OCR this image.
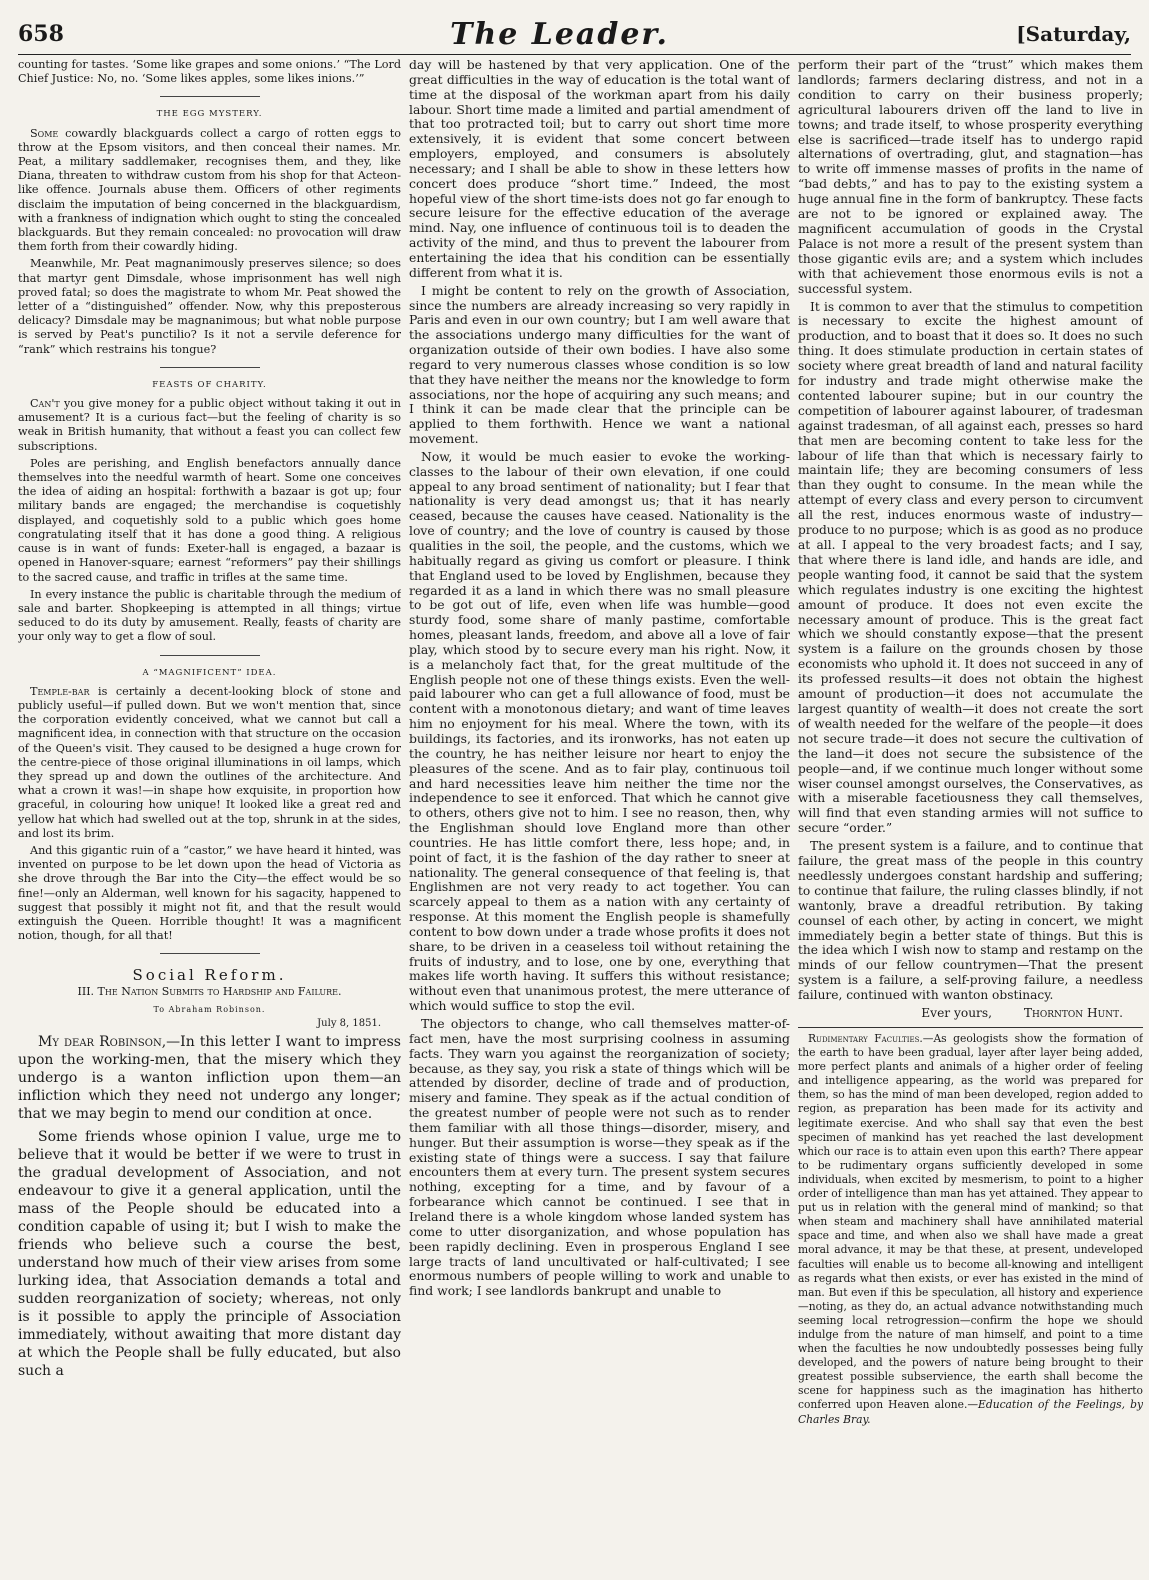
658	The Leader.	[Saturday,

counting for tastes. ‘Some like grapes and some onions.’ “The Lord Chief Justice: No, no. ‘Some likes apples, some likes inions.’”

THE EGG MYSTERY.

Some cowardly blackguards collect a cargo of rotten eggs to throw at the Epsom visitors, and then conceal their names. Mr. Peat, a military saddlemaker, recognises them, and they, like Diana, threaten to withdraw custom from his shop for that Acteon-like offence. Journals abuse them. Officers of other regiments disclaim the imputation of being concerned in the blackguardism, with a frankness of indignation which ought to sting the concealed blackguards. But they remain concealed: no provocation will draw them forth from their cowardly hiding.

Meanwhile, Mr. Peat magnanimously preserves silence; so does that martyr gent Dimsdale, whose imprisonment has well nigh proved fatal; so does the magistrate to whom Mr. Peat showed the letter of a “distinguished” offender. Now, why this preposterous delicacy? Dimsdale may be magnanimous; but what noble purpose is served by Peat's punctilio? Is it not a servile deference for “rank” which restrains his tongue?

FEASTS OF CHARITY.

Can't you give money for a public object without taking it out in amusement? It is a curious fact—but the feeling of charity is so weak in British humanity, that without a feast you can collect few subscriptions.

Poles are perishing, and English benefactors annually dance themselves into the needful warmth of heart. Some one conceives the idea of aiding an hospital: forthwith a bazaar is got up; four military bands are engaged; the merchandise is coquetishly displayed, and coquetishly sold to a public which goes home congratulating itself that it has done a good thing. A religious cause is in want of funds: Exeter-hall is engaged, a bazaar is opened in Hanover-square; earnest “reformers” pay their shillings to the sacred cause, and traffic in trifles at the same time.

In every instance the public is charitable through the medium of sale and barter. Shopkeeping is attempted in all things; virtue seduced to do its duty by amusement. Really, feasts of charity are your only way to get a flow of soul.

A “MAGNIFICENT” IDEA.

Temple-bar is certainly a decent-looking block of stone and publicly useful—if pulled down. But we won't mention that, since the corporation evidently conceived, what we cannot but call a magnificent idea, in connection with that structure on the occasion of the Queen's visit. They caused to be designed a huge crown for the centre-piece of those original illuminations in oil lamps, which they spread up and down the outlines of the architecture. And what a crown it was!—in shape how exquisite, in proportion how graceful, in colouring how unique! It looked like a great red and yellow hat which had swelled out at the top, shrunk in at the sides, and lost its brim.

And this gigantic ruin of a “castor,” we have heard it hinted, was invented on purpose to be let down upon the head of Victoria as she drove through the Bar into the City—the effect would be so fine!—only an Alderman, well known for his sagacity, happened to suggest that possibly it might not fit, and that the result would extinguish the Queen. Horrible thought! It was a magnificent notion, though, for all that!

Social Reform.
III. The Nation Submits to Hardship and Failure.
To Abraham Robinson.
July 8, 1851.

My dear Robinson,—In this letter I want to impress upon the working-men, that the misery which they undergo is a wanton infliction upon them—an infliction which they need not undergo any longer; that we may begin to mend our condition at once.

Some friends whose opinion I value, urge me to believe that it would be better if we were to trust in the gradual development of Association, and not endeavour to give it a general application, until the mass of the People should be educated into a condition capable of using it; but I wish to make the friends who believe such a course the best, understand how much of their view arises from some lurking idea, that Association demands a total and sudden reorganization of society; whereas, not only is it possible to apply the principle of Association immediately, without awaiting that more distant day at which the People shall be fully educated, but also such a

day will be hastened by that very application. One of the great difficulties in the way of education is the total want of time at the disposal of the workman apart from his daily labour. Short time made a limited and partial amendment of that too protracted toil; but to carry out short time more extensively, it is evident that some concert between employers, employed, and consumers is absolutely necessary; and I shall be able to show in these letters how concert does produce “short time.” Indeed, the most hopeful view of the short time-ists does not go far enough to secure leisure for the effective education of the average mind. Nay, one influence of continuous toil is to deaden the activity of the mind, and thus to prevent the labourer from entertaining the idea that his condition can be essentially different from what it is.

I might be content to rely on the growth of Association, since the numbers are already increasing so very rapidly in Paris and even in our own country; but I am well aware that the associations undergo many difficulties for the want of organization outside of their own bodies. I have also some regard to very numerous classes whose condition is so low that they have neither the means nor the knowledge to form associations, nor the hope of acquiring any such means; and I think it can be made clear that the principle can be applied to them forthwith. Hence we want a national movement.

Now, it would be much easier to evoke the working-classes to the labour of their own elevation, if one could appeal to any broad sentiment of nationality; but I fear that nationality is very dead amongst us; that it has nearly ceased, because the causes have ceased. Nationality is the love of country; and the love of country is caused by those qualities in the soil, the people, and the customs, which we habitually regard as giving us comfort or pleasure. I think that England used to be loved by Englishmen, because they regarded it as a land in which there was no small pleasure to be got out of life, even when life was humble—good sturdy food, some share of manly pastime, comfortable homes, pleasant lands, freedom, and above all a love of fair play, which stood by to secure every man his right. Now, it is a melancholy fact that, for the great multitude of the English people not one of these things exists. Even the well-paid labourer who can get a full allowance of food, must be content with a monotonous dietary; and want of time leaves him no enjoyment for his meal. Where the town, with its buildings, its factories, and its ironworks, has not eaten up the country, he has neither leisure nor heart to enjoy the pleasures of the scene. And as to fair play, continuous toil and hard necessities leave him neither the time nor the independence to see it enforced. That which he cannot give to others, others give not to him. I see no reason, then, why the Englishman should love England more than other countries. He has little comfort there, less hope; and, in point of fact, it is the fashion of the day rather to sneer at nationality. The general consequence of that feeling is, that Englishmen are not very ready to act together. You can scarcely appeal to them as a nation with any certainty of response. At this moment the English people is shamefully content to bow down under a trade whose profits it does not share, to be driven in a ceaseless toil without retaining the fruits of industry, and to lose, one by one, everything that makes life worth having. It suffers this without resistance; without even that unanimous protest, the mere utterance of which would suffice to stop the evil.

The objectors to change, who call themselves matter-of-fact men, have the most surprising coolness in assuming facts. They warn you against the reorganization of society; because, as they say, you risk a state of things which will be attended by disorder, decline of trade and of production, misery and famine. They speak as if the actual condition of the greatest number of people were not such as to render them familiar with all those things—disorder, misery, and hunger. But their assumption is worse—they speak as if the existing state of things were a success. I say that failure encounters them at every turn. The present system secures nothing, excepting for a time, and by favour of a forbearance which cannot be continued. I see that in Ireland there is a whole kingdom whose landed system has come to utter disorganization, and whose population has been rapidly declining. Even in prosperous England I see large tracts of land uncultivated or half-cultivated; I see enormous numbers of people willing to work and unable to find work; I see landlords bankrupt and unable to

perform their part of the “trust” which makes them landlords; farmers declaring distress, and not in a condition to carry on their business properly; agricultural labourers driven off the land to live in towns; and trade itself, to whose prosperity everything else is sacrificed—trade itself has to undergo rapid alternations of overtrading, glut, and stagnation—has to write off immense masses of profits in the name of “bad debts,” and has to pay to the existing system a huge annual fine in the form of bankruptcy. These facts are not to be ignored or explained away. The magnificent accumulation of goods in the Crystal Palace is not more a result of the present system than those gigantic evils are; and a system which includes with that achievement those enormous evils is not a successful system.

It is common to aver that the stimulus to competition is necessary to excite the highest amount of production, and to boast that it does so. It does no such thing. It does stimulate production in certain states of society where great breadth of land and natural facility for industry and trade might otherwise make the contented labourer supine; but in our country the competition of labourer against labourer, of tradesman against tradesman, of all against each, presses so hard that men are becoming content to take less for the labour of life than that which is necessary fairly to maintain life; they are becoming consumers of less than they ought to consume. In the mean while the attempt of every class and every person to circumvent all the rest, induces enormous waste of industry—produce to no purpose; which is as good as no produce at all. I appeal to the very broadest facts; and I say, that where there is land idle, and hands are idle, and people wanting food, it cannot be said that the system which regulates industry is one exciting the hightest amount of produce. It does not even excite the necessary amount of produce. This is the great fact which we should constantly expose—that the present system is a failure on the grounds chosen by those economists who uphold it. It does not succeed in any of its professed results—it does not obtain the highest amount of production—it does not accumulate the largest quantity of wealth—it does not create the sort of wealth needed for the welfare of the people—it does not secure trade—it does not secure the cultivation of the land—it does not secure the subsistence of the people—and, if we continue much longer without some wiser counsel amongst ourselves, the Conservatives, as with a miserable facetiousness they call themselves, will find that even standing armies will not suffice to secure “order.”

The present system is a failure, and to continue that failure, the great mass of the people in this country needlessly undergoes constant hardship and suffering; to continue that failure, the ruling classes blindly, if not wantonly, brave a dreadful retribution. By taking counsel of each other, by acting in concert, we might immediately begin a better state of things. But this is the idea which I wish now to stamp and restamp on the minds of our fellow countrymen—That the present system is a failure, a self-proving failure, a needless failure, continued with wanton obstinacy.

Ever yours,	Thornton Hunt.

Rudimentary Faculties.—As geologists show the formation of the earth to have been gradual, layer after layer being added, more perfect plants and animals of a higher order of feeling and intelligence appearing, as the world was prepared for them, so has the mind of man been developed, region added to region, as preparation has been made for its activity and legitimate exercise. And who shall say that even the best specimen of mankind has yet reached the last development which our race is to attain even upon this earth? There appear to be rudimentary organs sufficiently developed in some individuals, when excited by mesmerism, to point to a higher order of intelligence than man has yet attained. They appear to put us in relation with the general mind of mankind; so that when steam and machinery shall have annihilated material space and time, and when also we shall have made a great moral advance, it may be that these, at present, undeveloped faculties will enable us to become all-knowing and intelligent as regards what then exists, or ever has existed in the mind of man. But even if this be speculation, all history and experience—noting, as they do, an actual advance notwithstanding much seeming local retrogression—confirm the hope we should indulge from the nature of man himself, and point to a time when the faculties he now undoubtedly possesses being fully developed, and the powers of nature being brought to their greatest possible subservience, the earth shall become the scene for happiness such as the imagination has hitherto conferred upon Heaven alone.—Education of the Feelings, by Charles Bray.
